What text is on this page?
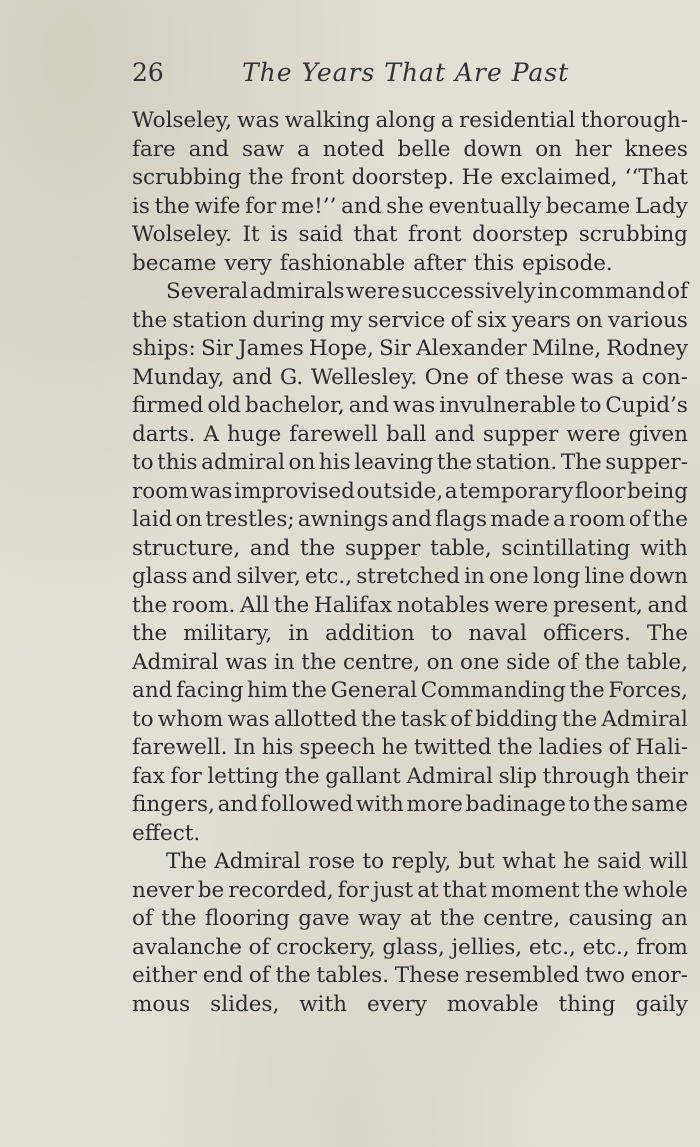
26	The Years That Are Past
Wolseley, was walking along a residential thorough-
fare and saw a noted belle down on her knees
scrubbing the front doorstep. He exclaimed, ‘‘That
is the wife for me!’’ and she eventually became Lady
Wolseley. It is said that front doorstep scrubbing
became very fashionable after this episode.
Several admirals were successively in command of
the station during my service of six years on various
ships: Sir James Hope, Sir Alexander Milne, Rodney
Munday, and G. Wellesley. One of these was a con-
firmed old bachelor, and was invulnerable to Cupid’s
darts. A huge farewell ball and supper were given
to this admiral on his leaving the station. The supper-
room was improvised outside, a temporary floor being
laid on trestles; awnings and flags made a room of the
structure, and the supper table, scintillating with
glass and silver, etc., stretched in one long line down
the room. All the Halifax notables were present, and
the military, in addition to naval officers. The
Admiral was in the centre, on one side of the table,
and facing him the General Commanding the Forces,
to whom was allotted the task of bidding the Admiral
farewell. In his speech he twitted the ladies of Hali-
fax for letting the gallant Admiral slip through their
fingers, and followed with more badinage to the same
effect.
The Admiral rose to reply, but what he said will
never be recorded, for just at that moment the whole
of the flooring gave way at the centre, causing an
avalanche of crockery, glass, jellies, etc., etc., from
either end of the tables. These resembled two enor-
mous slides, with every movable thing gaily
